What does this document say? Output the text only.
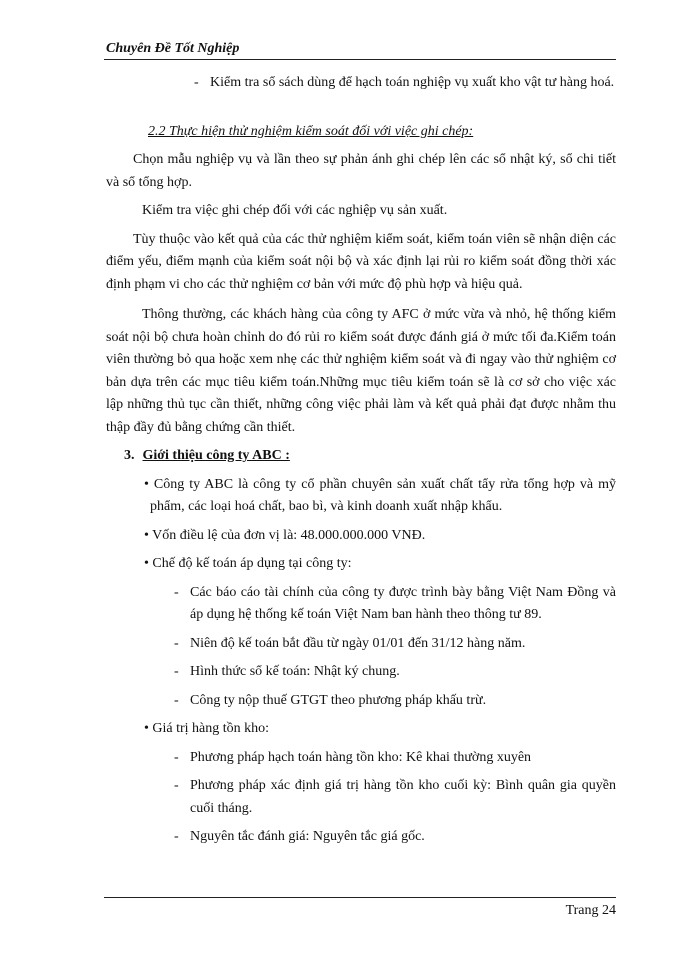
Chuyên Đề Tốt Nghiệp

- Kiểm tra sổ sách dùng để hạch toán nghiệp vụ xuất kho vật tư hàng hoá.

2.2 Thực hiện thử nghiệm kiểm soát đối với việc ghi chép:

Chọn mẫu nghiệp vụ và lần theo sự phản ánh ghi chép lên các sổ nhật ký, sổ chi tiết và sổ tổng hợp.

Kiểm tra việc ghi chép đối với các nghiệp vụ sản xuất.

Tùy thuộc vào kết quả của các thử nghiệm kiểm soát, kiểm toán viên sẽ nhận diện các điểm yếu, điểm mạnh của kiểm soát nội bộ và xác định lại rủi ro kiểm soát đồng thời xác định phạm vi cho các thử nghiệm cơ bản với mức độ phù hợp và hiệu quả.

Thông thường, các khách hàng của công ty AFC ở mức vừa và nhỏ, hệ thống kiểm soát nội bộ chưa hoàn chỉnh do đó rủi ro kiểm soát được đánh giá ở mức tối đa.Kiểm toán viên thường bỏ qua hoặc xem nhẹ các thử nghiệm kiểm soát và đi ngay vào thử nghiệm cơ bản dựa trên các mục tiêu kiểm toán.Những mục tiêu kiểm toán sẽ là cơ sở cho việc xác lập những thủ tục cần thiết, những công việc phải làm và kết quả phải đạt được nhằm thu thập đầy đủ bằng chứng cần thiết.

3. Giới thiệu công ty ABC :

• Công ty ABC là công ty cổ phần chuyên sản xuất chất tẩy rửa tổng hợp và mỹ phẩm, các loại hoá chất, bao bì, và kinh doanh xuất nhập khẩu.

• Vốn điều lệ của đơn vị là: 48.000.000.000 VNĐ.

• Chế độ kế toán áp dụng tại công ty:

- Các báo cáo tài chính của công ty được trình bày bằng Việt Nam Đồng và áp dụng hệ thống kế toán Việt Nam ban hành theo thông tư 89.

- Niên độ kế toán bắt đầu từ ngày 01/01 đến 31/12 hàng năm.

- Hình thức sổ kế toán: Nhật ký chung.

- Công ty nộp thuế GTGT theo phương pháp khấu trừ.

• Giá trị hàng tồn kho:

- Phương pháp hạch toán hàng tồn kho: Kê khai thường xuyên

- Phương pháp xác định giá trị hàng tồn kho cuối kỳ: Bình quân gia quyền cuối tháng.

- Nguyên tắc đánh giá: Nguyên tắc giá gốc.

Trang 24
